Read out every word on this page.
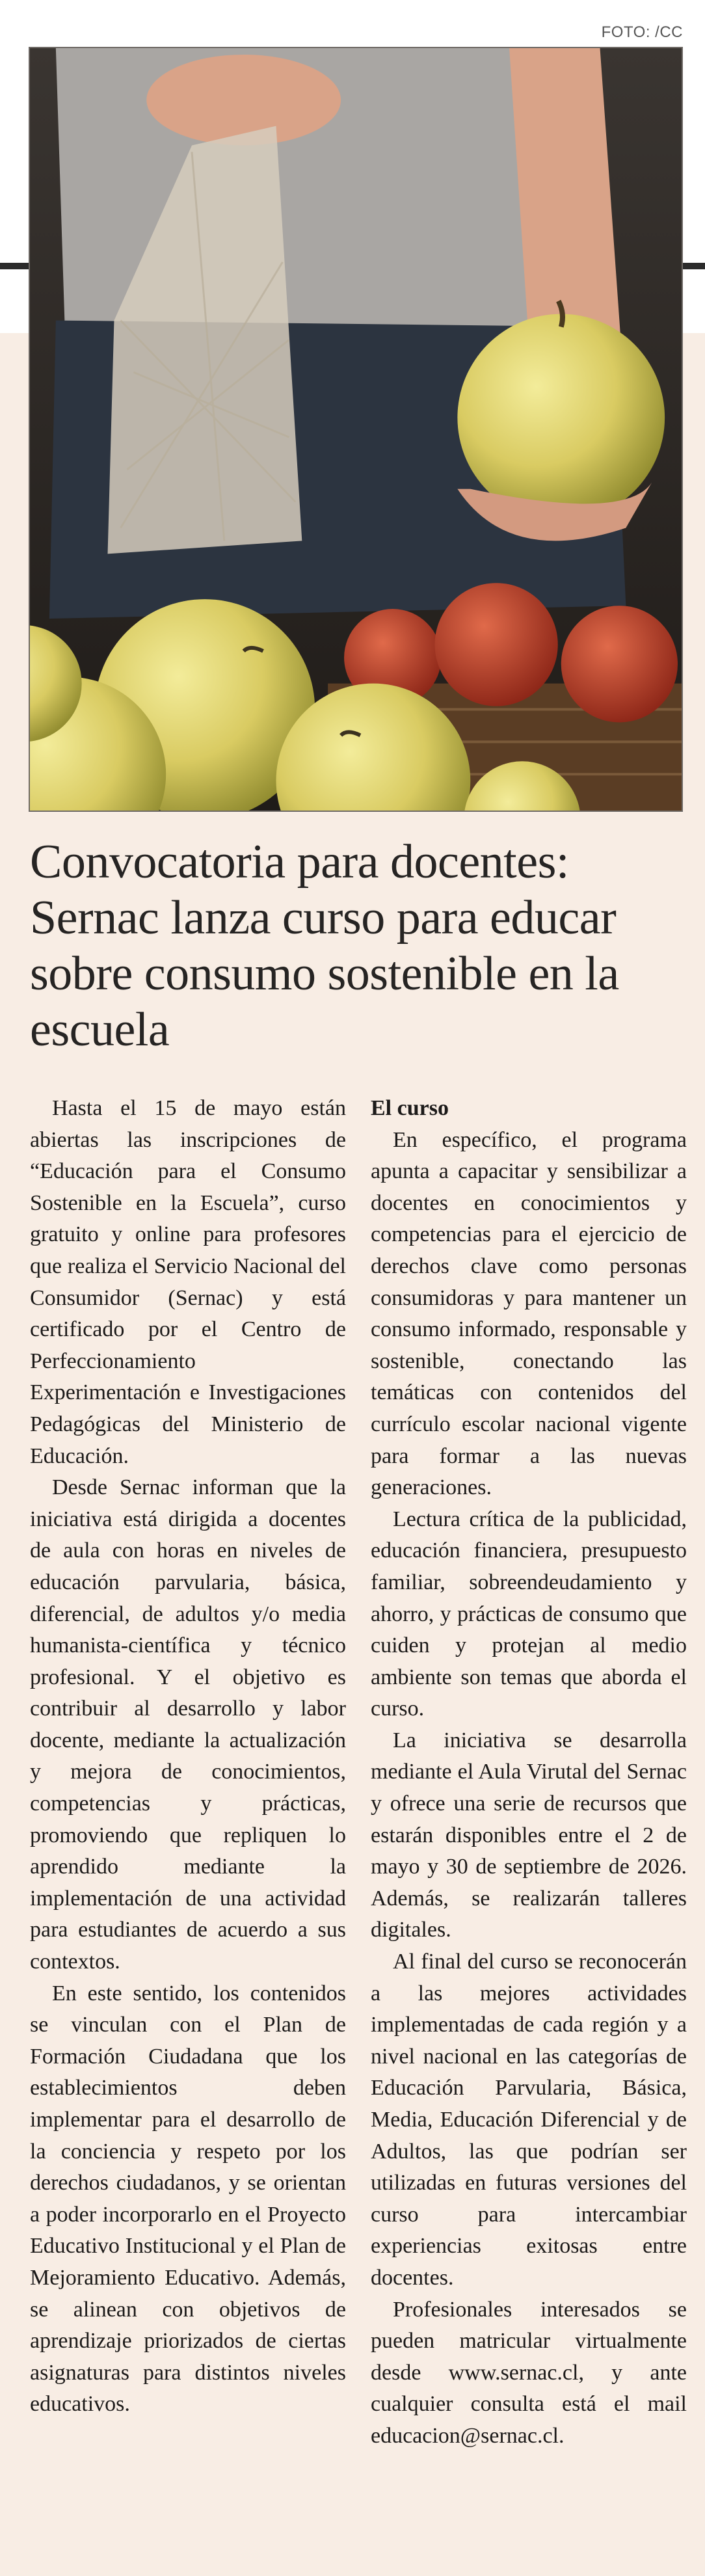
FOTO: /CC
Convocatoria para docentes: Sernac lanza curso para educar sobre consumo sostenible en la escuela

Hasta el 15 de mayo están abiertas las inscripciones de “Educación para el Consumo Sostenible en la Escuela”, curso gratuito y online para profesores que realiza el Servicio Nacional del Consumidor (Sernac) y está certificado por el Centro de Perfeccionamiento Experimentación e Investigaciones Pedagógicas del Ministerio de Educación.

Desde Sernac informan que la iniciativa está dirigida a docentes de aula con horas en niveles de educación parvularia, básica, diferencial, de adultos y/o media humanista-científica y técnico profesional. Y el objetivo es contribuir al desarrollo y labor docente, mediante la actualización y mejora de conocimientos, competencias y prácticas, promoviendo que repliquen lo aprendido mediante la implementación de una actividad para estudiantes de acuerdo a sus contextos.

En este sentido, los contenidos se vinculan con el Plan de Formación Ciudadana que los establecimientos deben implementar para el desarrollo de la conciencia y respeto por los derechos ciudadanos, y se orientan a poder incorporarlo en el Proyecto Educativo Institucional y el Plan de Mejoramiento Educativo. Además, se alinean con objetivos de aprendizaje priorizados de ciertas asignaturas para distintos niveles educativos.

El curso

En específico, el programa apunta a capacitar y sensibilizar a docentes en conocimientos y competencias para el ejercicio de derechos clave como personas consumidoras y para mantener un consumo informado, responsable y sostenible, conectando las temáticas con contenidos del currículo escolar nacional vigente para formar a las nuevas generaciones.

Lectura crítica de la publicidad, educación financiera, presupuesto familiar, sobreendeudamiento y ahorro, y prácticas de consumo que cuiden y protejan al medio ambiente son temas que aborda el curso.

La iniciativa se desarrolla mediante el Aula Virutal del Sernac y ofrece una serie de recursos que estarán disponibles entre el 2 de mayo y 30 de septiembre de 2026. Además, se realizarán talleres digitales.

Al final del curso se reconocerán a las mejores actividades implementadas de cada región y a nivel nacional en las categorías de Educación Parvularia, Básica, Media, Educación Diferencial y de Adultos, las que podrían ser utilizadas en futuras versiones del curso para intercambiar experiencias exitosas entre docentes.

Profesionales interesados se pueden matricular virtualmente desde www.sernac.cl, y ante cualquier consulta está el mail educacion@sernac.cl.
